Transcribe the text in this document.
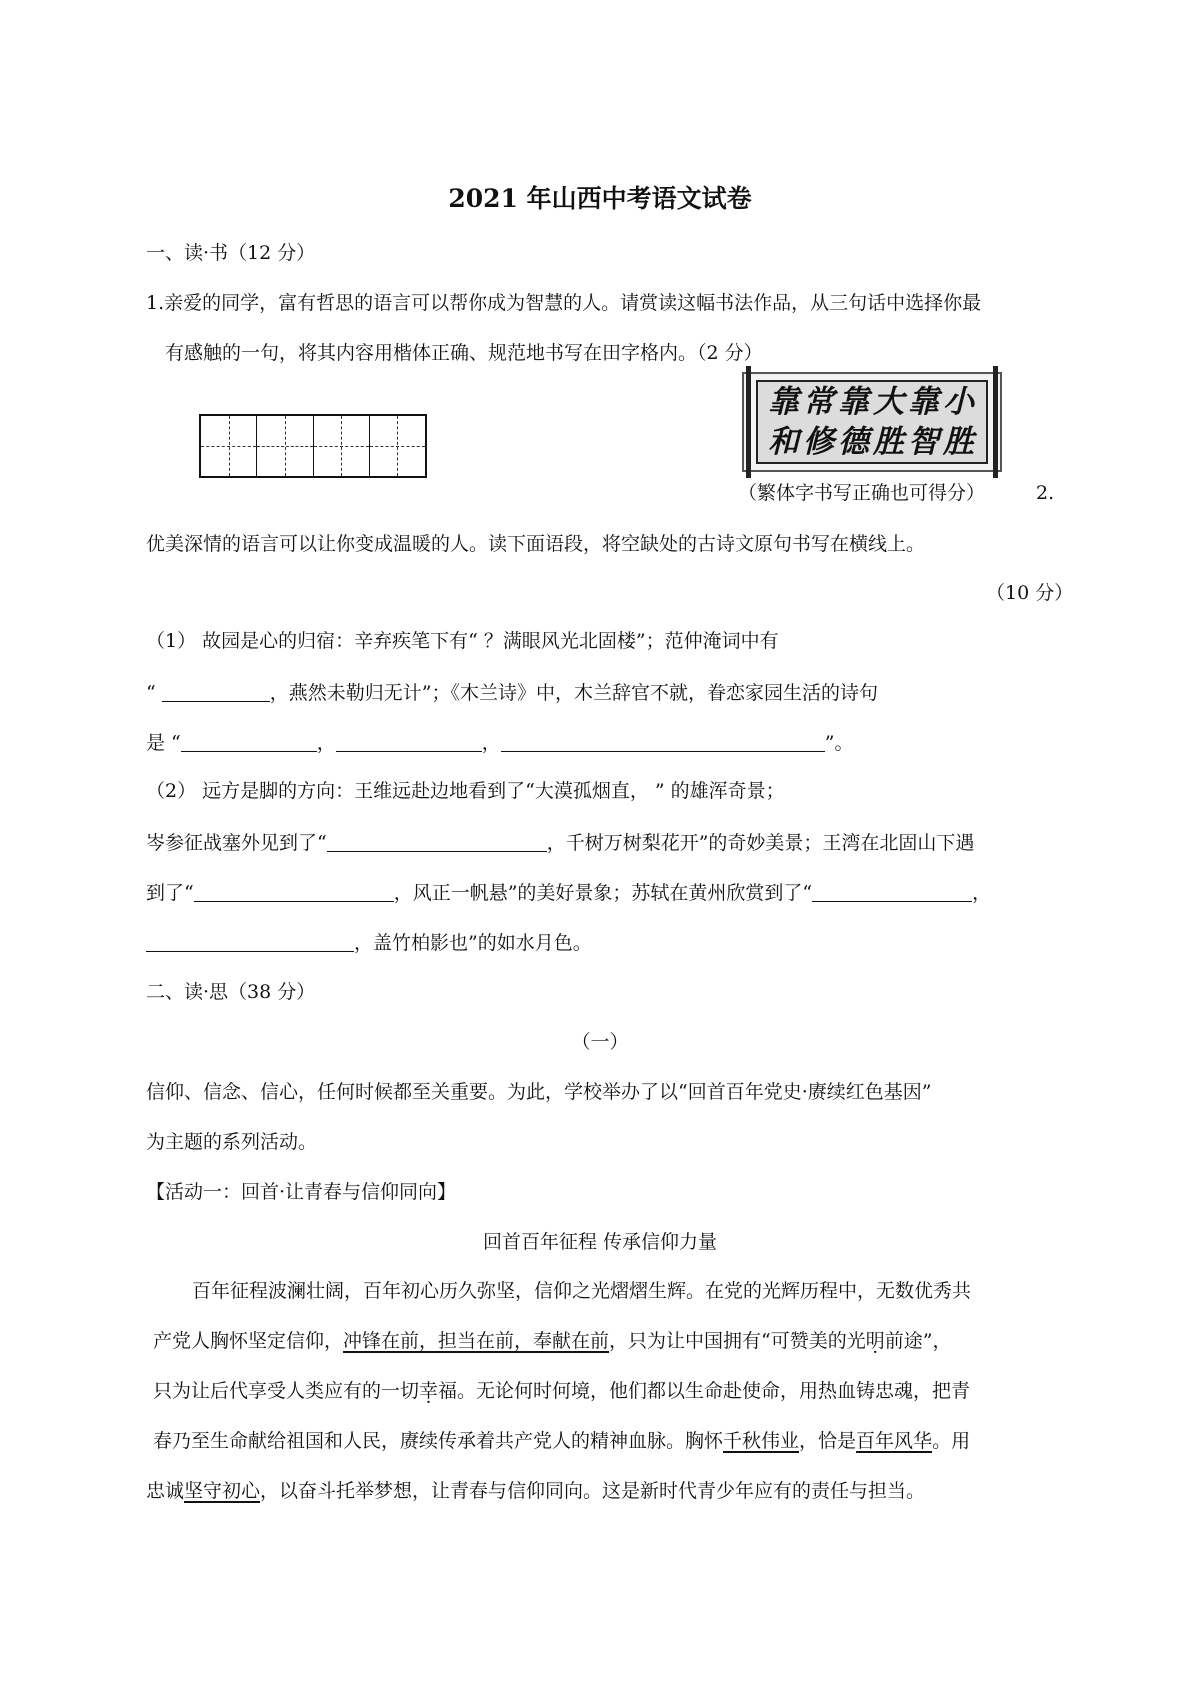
2021 年山西中考语文试卷
一、读·书（12 分）
1.亲爱的同学，富有哲思的语言可以帮你成为智慧的人。请赏读这幅书法作品，从三句话中选择你最
有感触的一句，将其内容用楷体正确、规范地书写在田字格内。（2 分）
靠 常 靠 大 靠 小
和 修 德 胜 智 胜
（繁体字书写正确也可得分）	2.
优美深情的语言可以让你变成温暖的人。读下面语段，将空缺处的古诗文原句书写在横线上。
（10 分）
（1） 故园是心的归宿：辛弃疾笔下有“ ？满眼风光北固楼”；范仲淹词中有
“	，燕然未勒归无计”；《木兰诗》中，木兰辞官不就，眷恋家园生活的诗句
是 “	，	，	”。
（2） 远方是脚的方向：王维远赴边地看到了“大漠孤烟直， ” 的雄浑奇景；
岑参征战塞外见到了“	，千树万树梨花开”的奇妙美景；王湾在北固山下遇
到了“	，风正一帆悬”的美好景象；苏轼在黄州欣赏到了“	，
，盖竹柏影也”的如水月色。
二、读·思（38 分）
（一）
信仰、信念、信心，任何时候都至关重要。为此，学校举办了以“回首百年党史·赓续红色基因”
为主题的系列活动。
【活动一：回首·让青春与信仰同向】
回首百年征程 传承信仰力量
百年征程波澜壮阔，百年初心历久弥坚，信仰之光熠熠生辉。在党的光辉历程中，无数优秀共
产党人胸怀坚定信仰，冲锋在前，担当在前，奉献在前，只为让中国拥有“可赞美的光明前途”，
只为让后代享受人类应有的一切幸福。无论何时何境，他们都以生命赴使命，用热血铸忠魂，把青
春乃至生命献给祖国和人民，赓续传承着共产党人的精神血脉。胸怀千秋伟业，恰是百年风华。用
忠诚坚守初心，以奋斗托举梦想，让青春与信仰同向。这是新时代青少年应有的责任与担当。
